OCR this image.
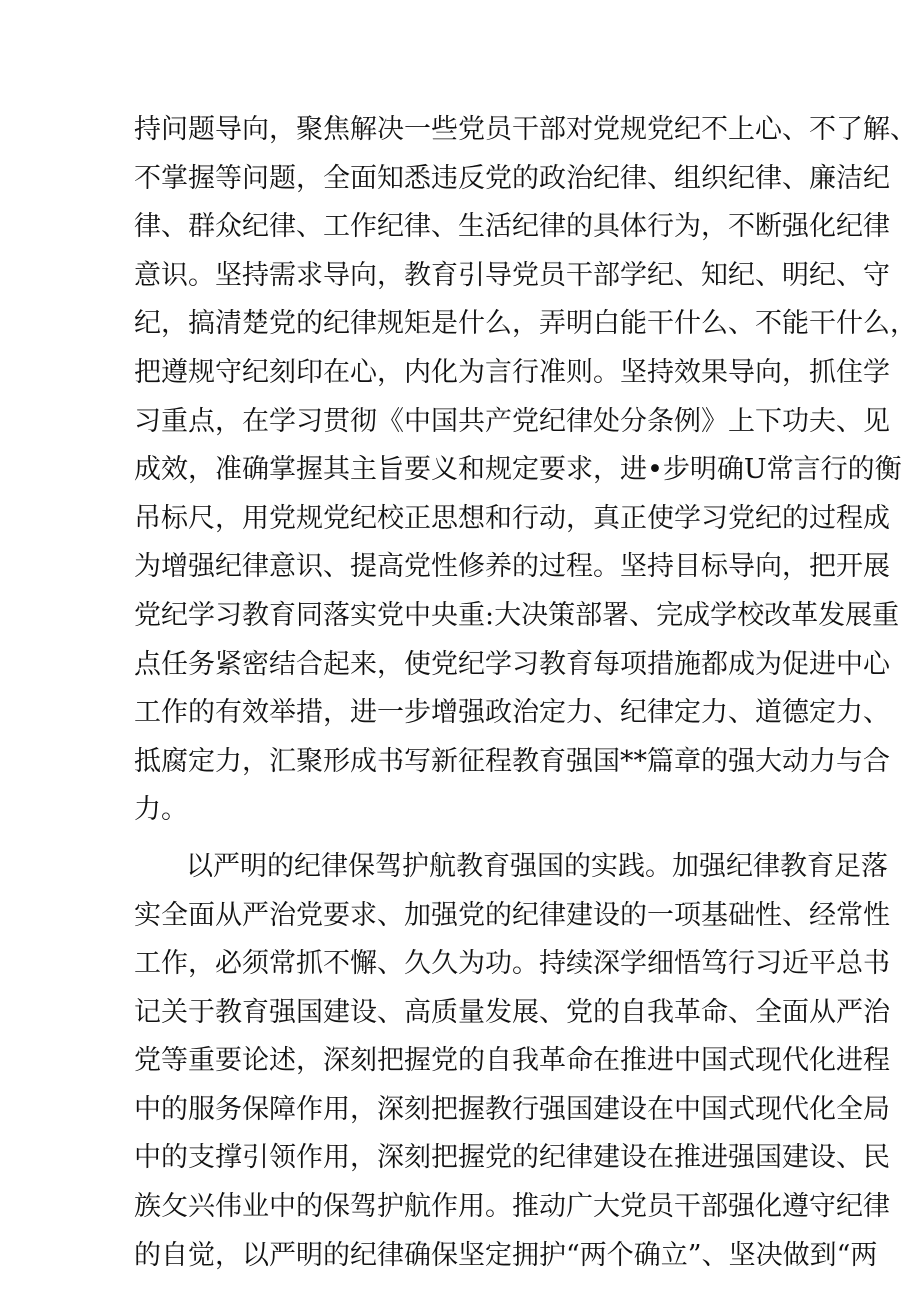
持问题导向，聚焦解决一些党员干部对党规党纪不上心、不了解、
不掌握等问题，全面知悉违反党的政治纪律、组织纪律、廉洁纪
律、群众纪律、工作纪律、生活纪律的具体行为，不断强化纪律
意识。坚持需求导向，教育引导党员干部学纪、知纪、明纪、守
纪，搞清楚党的纪律规矩是什么，弄明白能干什么、不能干什么，
把遵规守纪刻印在心，内化为言行准则。坚持效果导向，抓住学
习重点，在学习贯彻《中国共产党纪律处分条例》上下功夫、见
成效，准确掌握其主旨要义和规定要求，进•步明确U常言行的衡
吊标尺，用党规党纪校正思想和行动，真正使学习党纪的过程成
为增强纪律意识、提高党性修养的过程。坚持目标导向，把开展
党纪学习教育同落实党中央重:大决策部署、完成学校改革发展重
点任务紧密结合起来，使党纪学习教育每项措施都成为促进中心
工作的有效举措，进一步增强政治定力、纪律定力、道德定力、
抵腐定力，汇聚形成书写新征程教育强国**篇章的强大动力与合
力。
以严明的纪律保驾护航教育强国的实践。加强纪律教育足落
实全面从严治党要求、加强党的纪律建设的一项基础性、经常性
工作，必须常抓不懈、久久为功。持续深学细悟笃行习近平总书
记关于教育强国建设、高质量发展、党的自我革命、全面从严治
党等重要论述，深刻把握党的自我革命在推进中国式现代化进程
中的服务保障作用，深刻把握教行强国建设在中国式现代化全局
中的支撑引领作用，深刻把握党的纪律建设在推进强国建设、民
族攵兴伟业中的保驾护航作用。推动广大党员干部强化遵守纪律
的自觉，以严明的纪律确保坚定拥护“两个确立”、坚决做到“两
